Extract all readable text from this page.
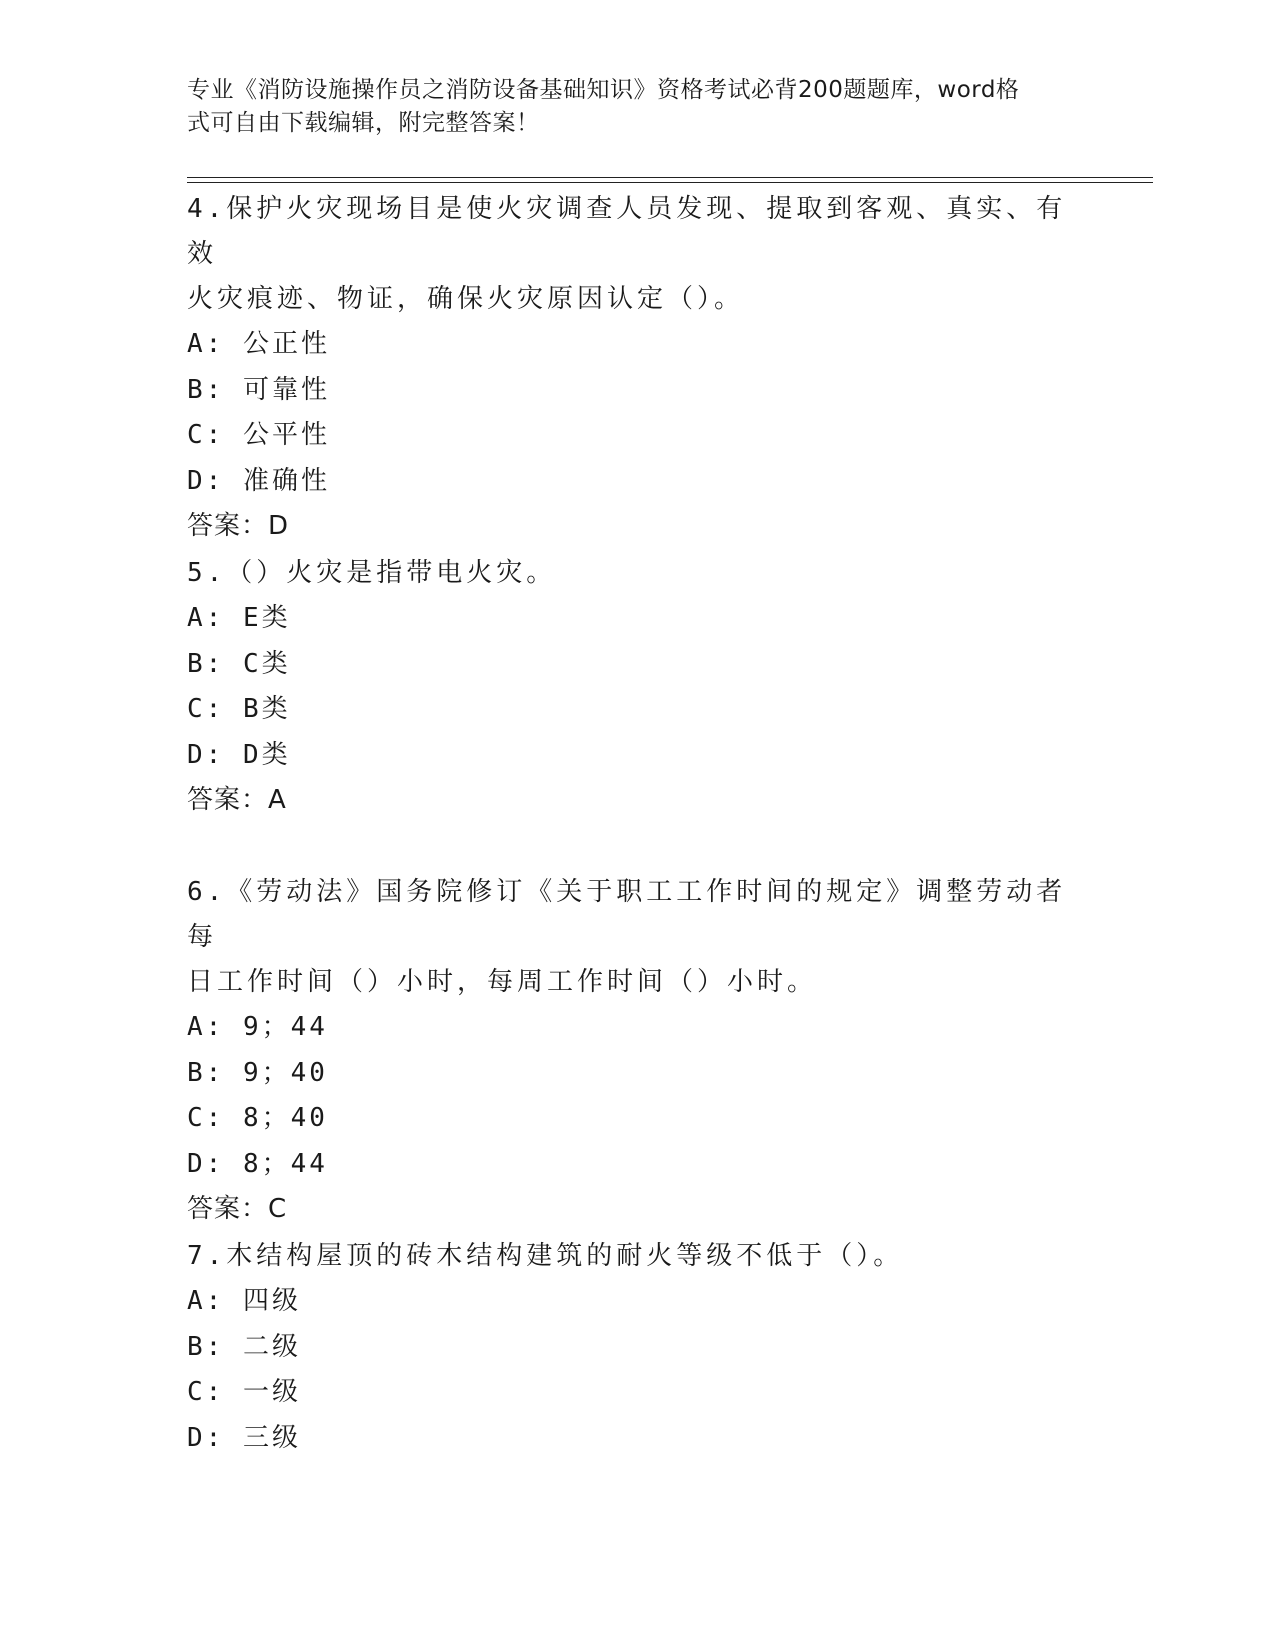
专业《消防设施操作员之消防设备基础知识》资格考试必背200题题库，word格
式可自由下载编辑，附完整答案！

4.保护火灾现场目是使火灾调查人员发现、提取到客观、真实、有效

火灾痕迹、物证，确保火灾原因认定（）。

A: 公正性

B: 可靠性

C: 公平性

D: 准确性

答案：D

5.（）火灾是指带电火灾。

A: E类

B: C类

C: B类

D: D类

答案：A

6.《劳动法》国务院修订《关于职工工作时间的规定》调整劳动者每

日工作时间（）小时，每周工作时间（）小时。

A: 9；44

B: 9；40

C: 8；40

D: 8；44

答案：C

7.木结构屋顶的砖木结构建筑的耐火等级不低于（）。

A: 四级

B: 二级

C: 一级

D: 三级
